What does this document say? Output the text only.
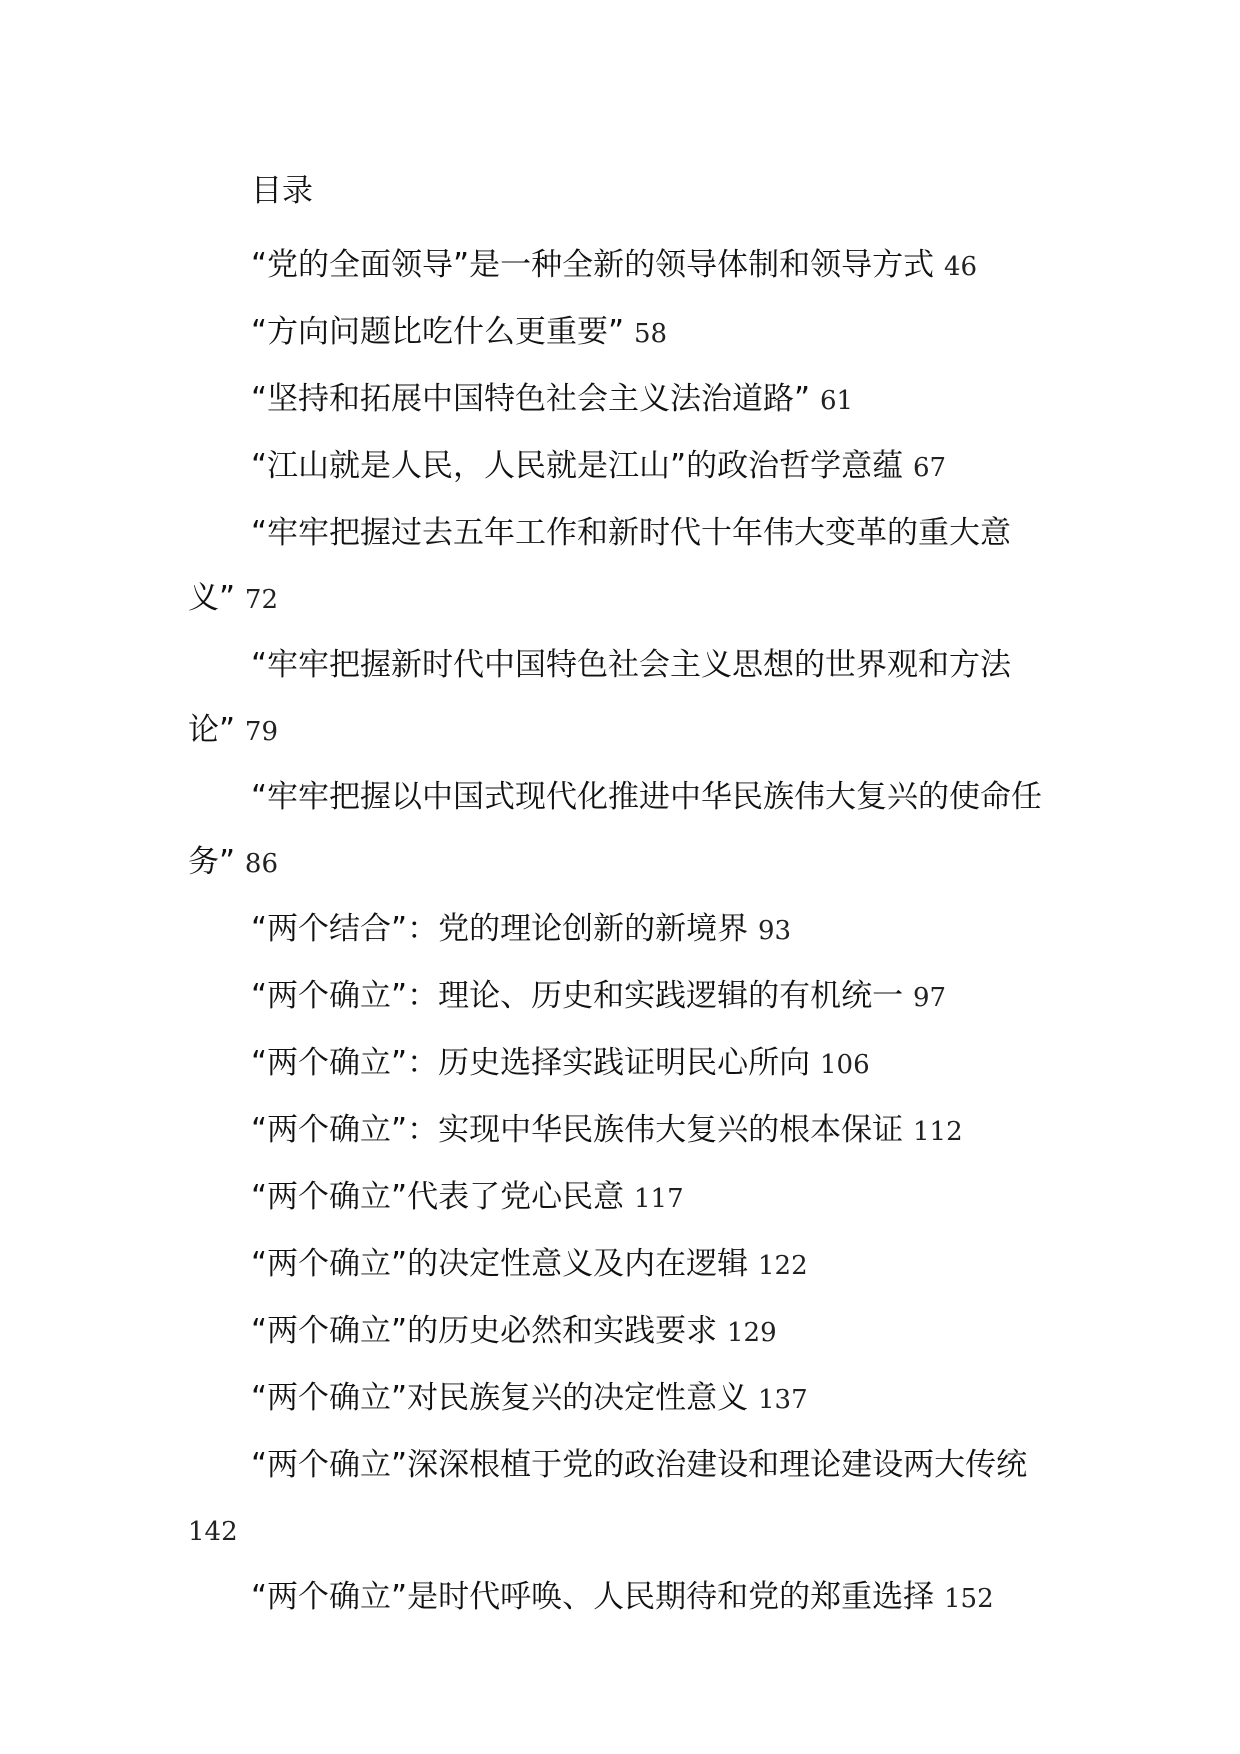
目录
“党的全面领导”是一种全新的领导体制和领导方式 46
“方向问题比吃什么更重要” 58
“坚持和拓展中国特色社会主义法治道路” 61
“江山就是人民，人民就是江山”的政治哲学意蕴 67
“牢牢把握过去五年工作和新时代十年伟大变革的重大意义” 72
“牢牢把握新时代中国特色社会主义思想的世界观和方法论” 79
“牢牢把握以中国式现代化推进中华民族伟大复兴的使命任务” 86
“两个结合”：党的理论创新的新境界 93
“两个确立”：理论、历史和实践逻辑的有机统一 97
“两个确立”：历史选择实践证明民心所向 106
“两个确立”：实现中华民族伟大复兴的根本保证 112
“两个确立”代表了党心民意 117
“两个确立”的决定性意义及内在逻辑 122
“两个确立”的历史必然和实践要求 129
“两个确立”对民族复兴的决定性意义 137
“两个确立”深深根植于党的政治建设和理论建设两大传统 142
“两个确立”是时代呼唤、人民期待和党的郑重选择 152
